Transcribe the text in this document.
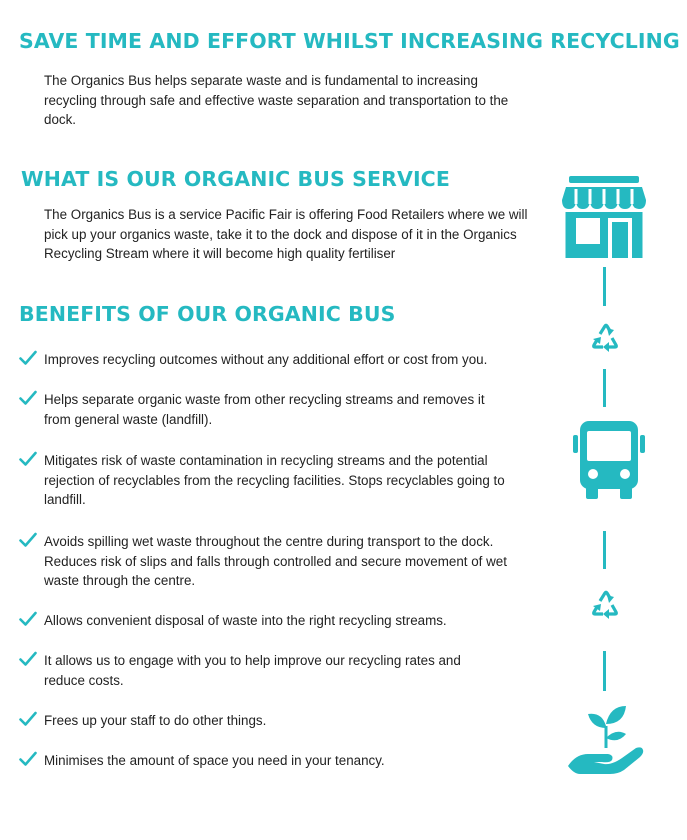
SAVE TIME AND EFFORT WHILST INCREASING RECYCLING

The Organics Bus helps separate waste and is fundamental to increasing recycling through safe and effective waste separation and transportation to the dock.

WHAT IS OUR ORGANIC BUS SERVICE

The Organics Bus is a service Pacific Fair is offering Food Retailers where we will pick up your organics waste, take it to the dock and dispose of it in the Organics Recycling Stream where it will become high quality fertiliser

BENEFITS OF OUR ORGANIC BUS

Improves recycling outcomes without any additional effort or cost from you.

Helps separate organic waste from other recycling streams and removes it from general waste (landfill).

Mitigates risk of waste contamination in recycling streams and the potential rejection of recyclables from the recycling facilities. Stops recyclables going to landfill.

Avoids spilling wet waste throughout the centre during transport to the dock. Reduces risk of slips and falls through controlled and secure movement of wet waste through the centre.

Allows convenient disposal of waste into the right recycling streams.

It allows us to engage with you to help improve our recycling rates and reduce costs.

Frees up your staff to do other things.

Minimises the amount of space you need in your tenancy.
